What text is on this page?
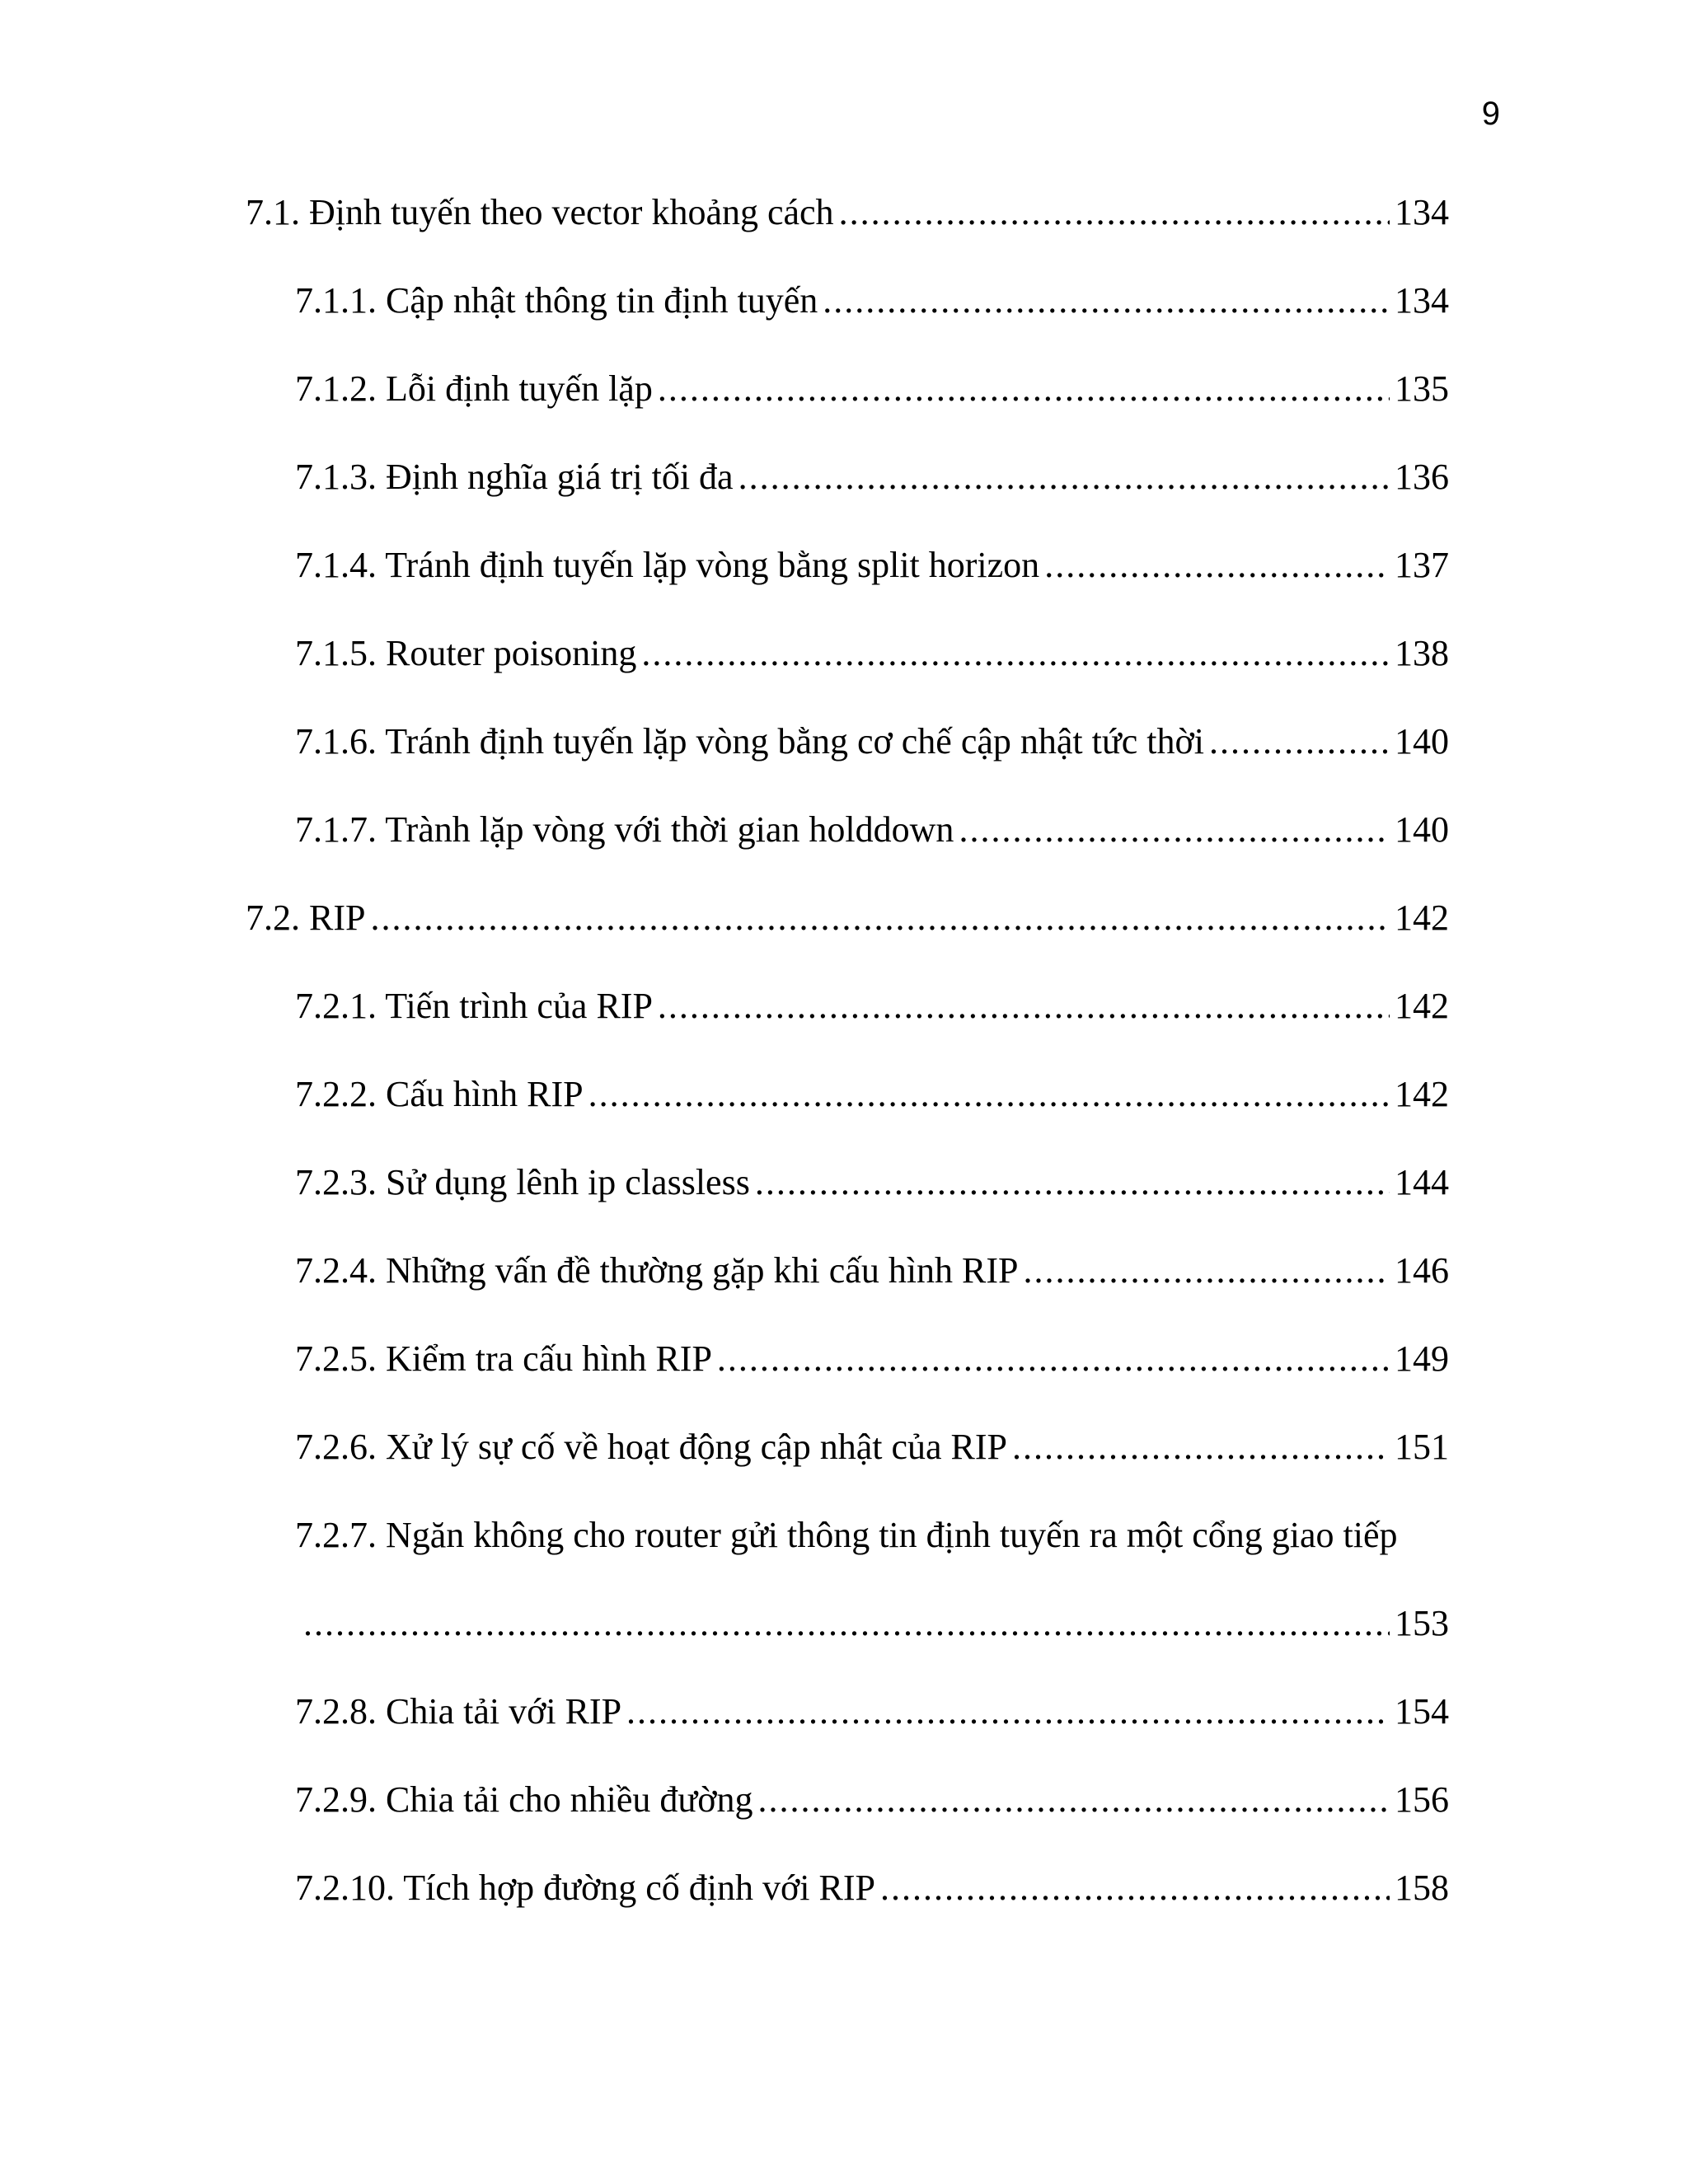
9
7.1. Định tuyến theo vector khoảng cách .....	134
7.1.1. Cập nhật thông tin định tuyến .....	134
7.1.2. Lỗi định tuyến lặp .....	135
7.1.3. Định nghĩa giá trị tối đa .....	136
7.1.4. Tránh định tuyến lặp vòng bằng split horizon .....	137
7.1.5. Router poisoning .....	138
7.1.6. Tránh định tuyến lặp vòng bằng cơ chế cập nhật tức thời .....	140
7.1.7. Trành lặp vòng với thời gian holddown .....	140
7.2. RIP .....	142
7.2.1. Tiến trình của RIP .....	142
7.2.2. Cấu hình RIP .....	142
7.2.3. Sử dụng lênh ip classless .....	144
7.2.4. Những vấn đề thường gặp khi cấu hình RIP .....	146
7.2.5. Kiểm tra cấu hình RIP .....	149
7.2.6. Xử lý sự cố về hoạt động cập nhật của RIP .....	151
7.2.7. Ngăn không cho router gửi thông tin định tuyến ra một cổng giao tiếp
.....
153
7.2.8. Chia tải với RIP .....	154
7.2.9. Chia tải cho nhiều đường .....	156
7.2.10. Tích hợp đường cố định với RIP .....	158
